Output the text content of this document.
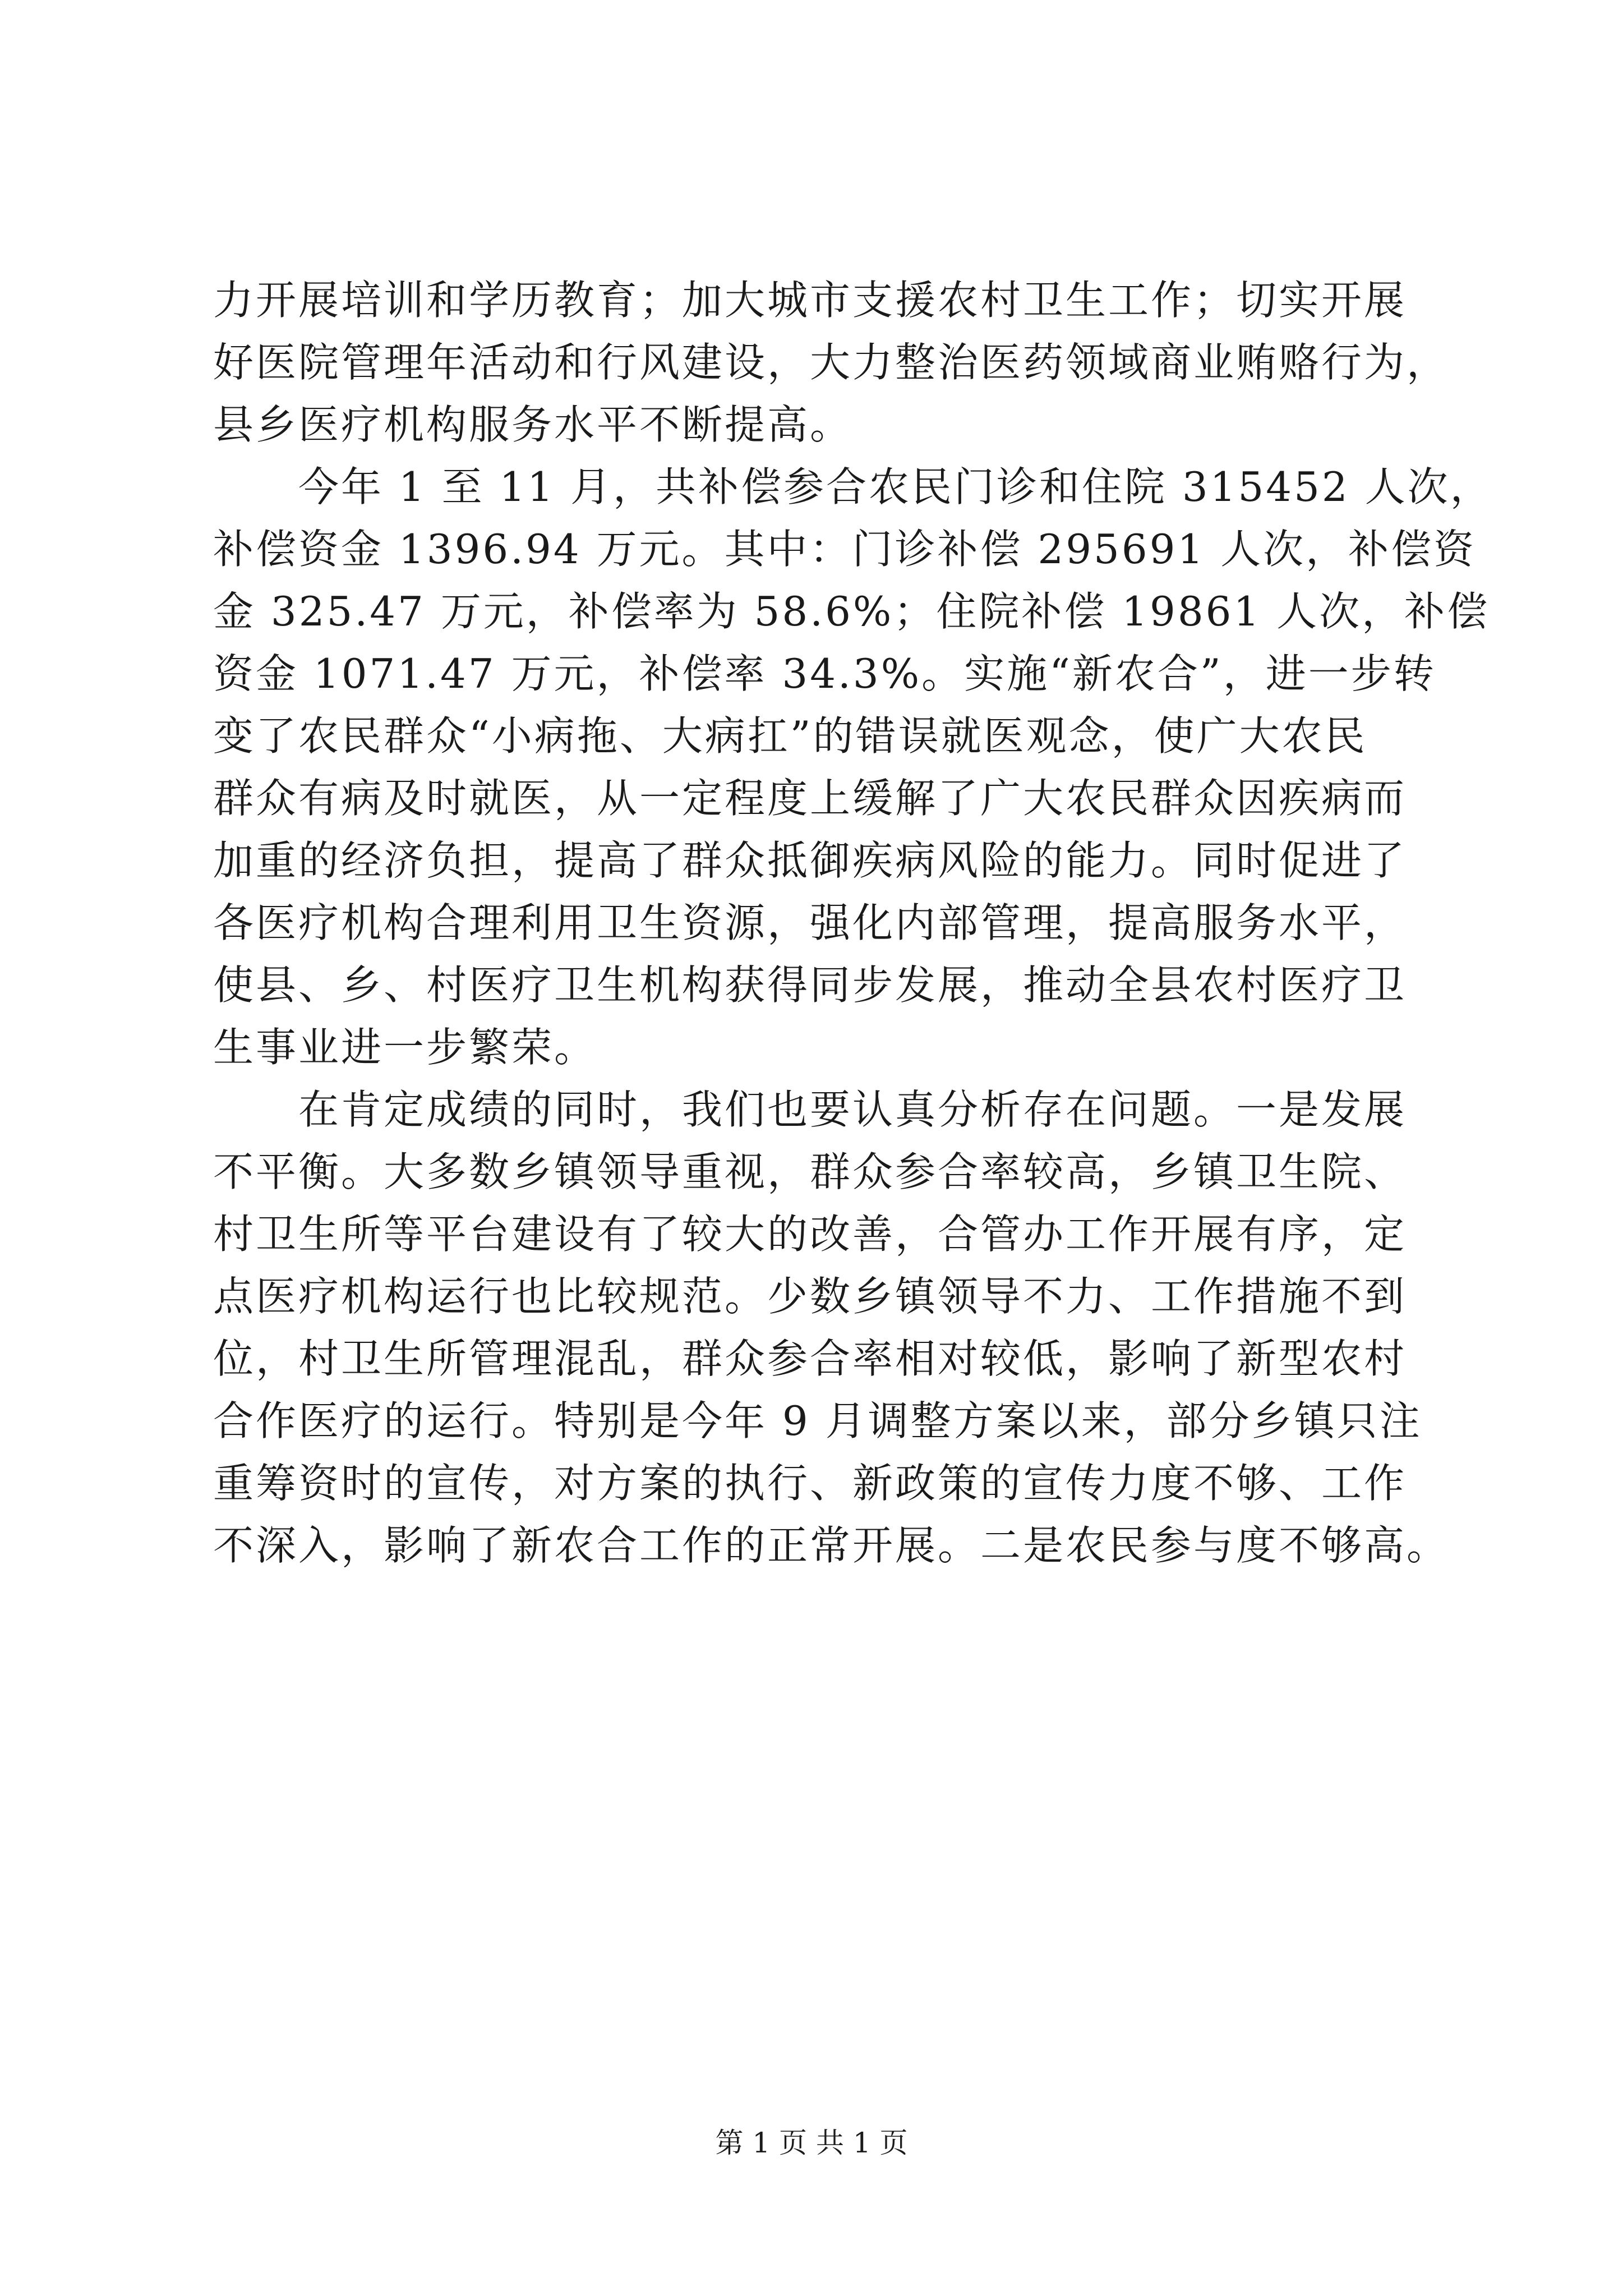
力开展培训和学历教育；加大城市支援农村卫生工作；切实开展
好医院管理年活动和行风建设，大力整治医药领域商业贿赂行为，
县乡医疗机构服务水平不断提高。
今年 1 至 11 月，共补偿参合农民门诊和住院 315452 人次，
补偿资金 1396.94 万元。其中：门诊补偿 295691 人次，补偿资
金 325.47 万元，补偿率为 58.6%；住院补偿 19861 人次，补偿
资金 1071.47 万元，补偿率 34.3%。实施“新农合”，进一步转
变了农民群众“小病拖、大病扛”的错误就医观念，使广大农民
群众有病及时就医，从一定程度上缓解了广大农民群众因疾病而
加重的经济负担，提高了群众抵御疾病风险的能力。同时促进了
各医疗机构合理利用卫生资源，强化内部管理，提高服务水平，
使县、乡、村医疗卫生机构获得同步发展，推动全县农村医疗卫
生事业进一步繁荣。
在肯定成绩的同时，我们也要认真分析存在问题。一是发展
不平衡。大多数乡镇领导重视，群众参合率较高，乡镇卫生院、
村卫生所等平台建设有了较大的改善，合管办工作开展有序，定
点医疗机构运行也比较规范。少数乡镇领导不力、工作措施不到
位，村卫生所管理混乱，群众参合率相对较低，影响了新型农村
合作医疗的运行。特别是今年 9 月调整方案以来，部分乡镇只注
重筹资时的宣传，对方案的执行、新政策的宣传力度不够、工作
不深入，影响了新农合工作的正常开展。二是农民参与度不够高。
第 1 页 共 1 页
